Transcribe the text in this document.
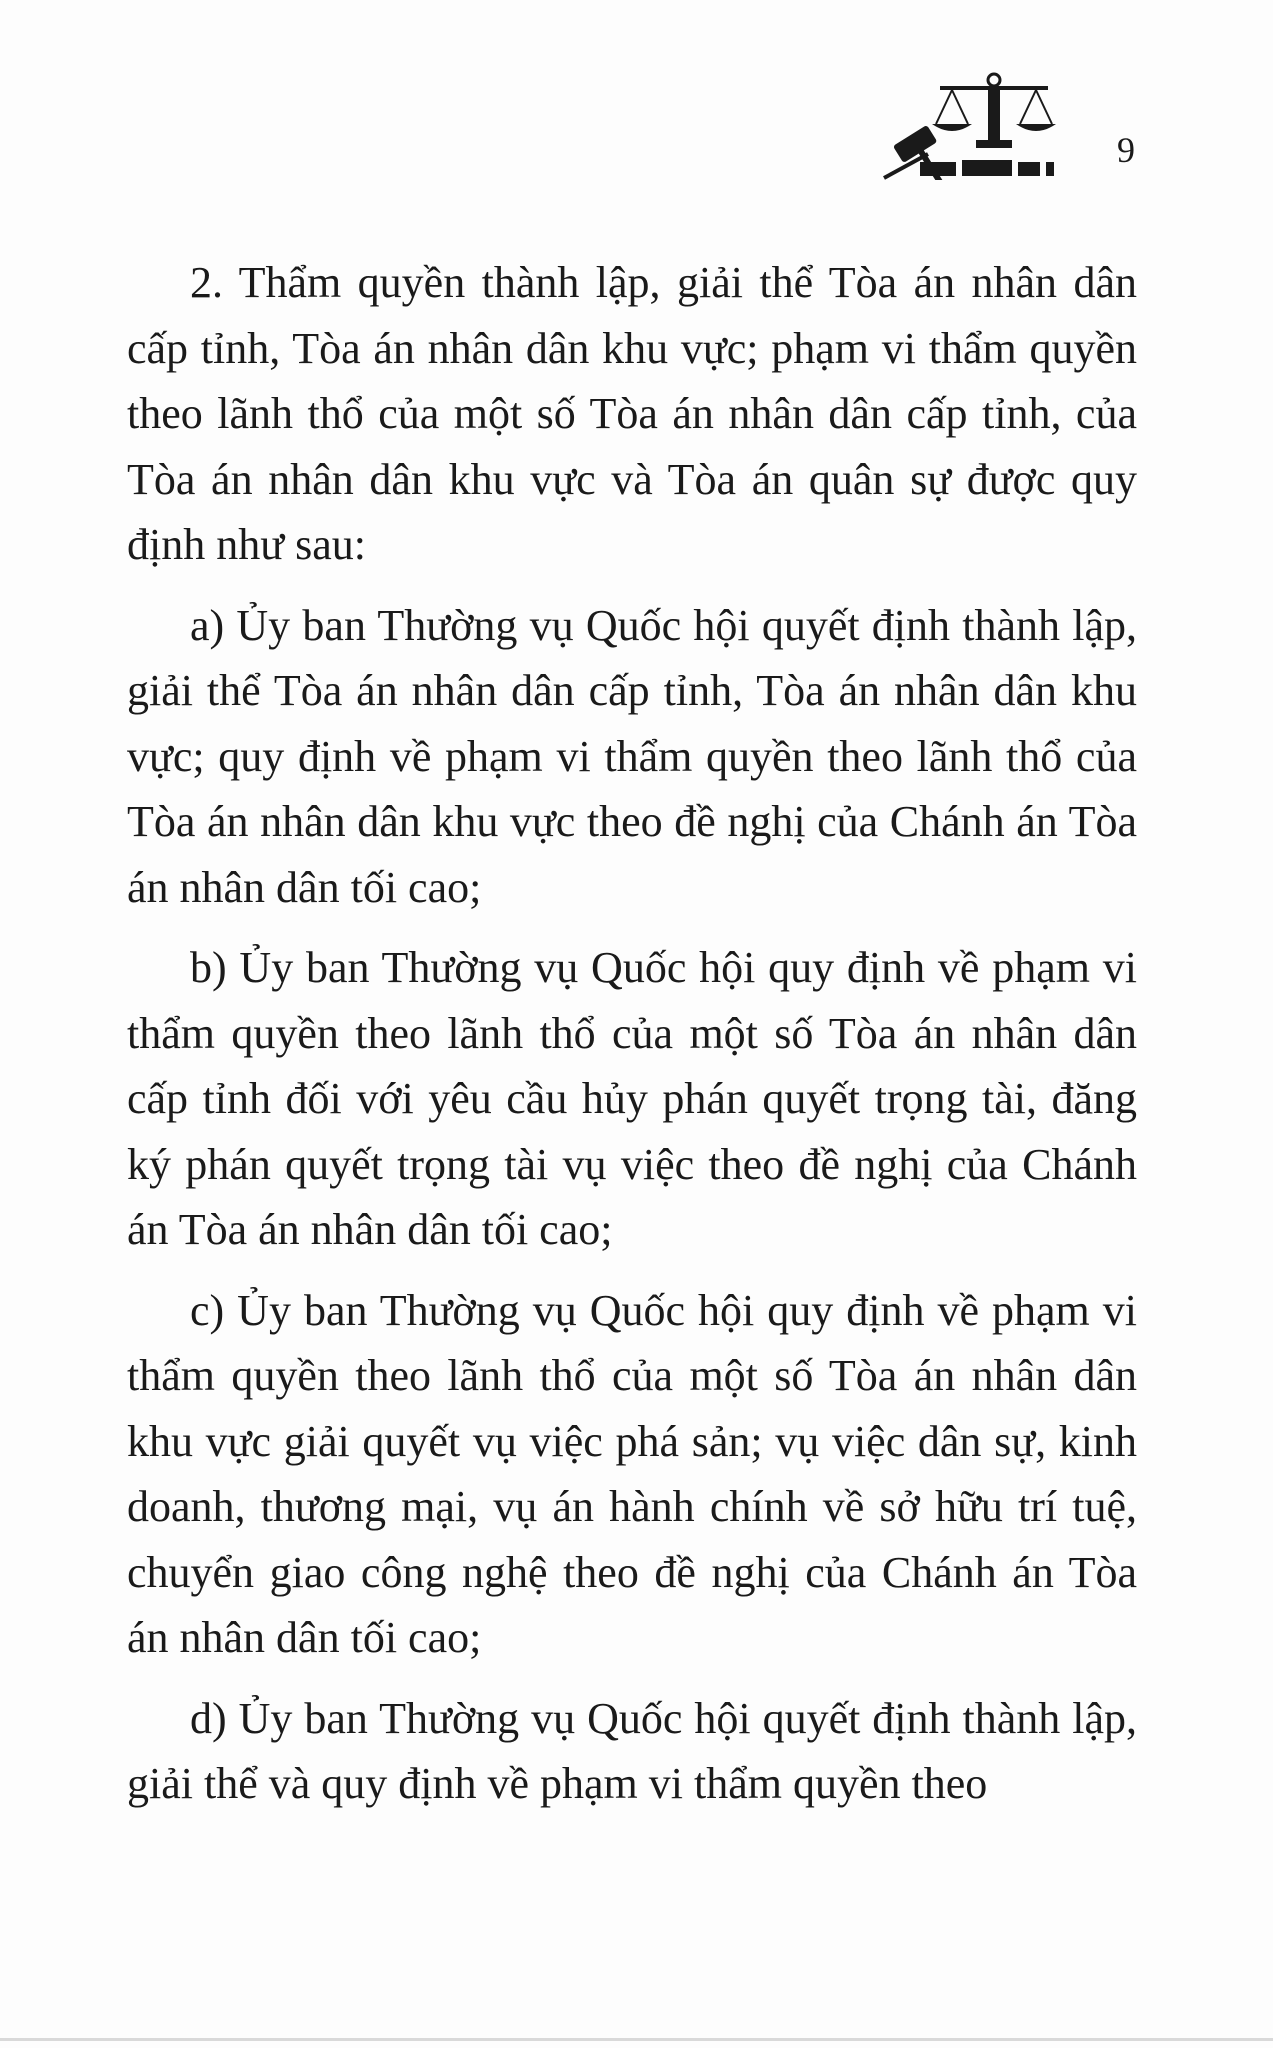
9

2. Thẩm quyền thành lập, giải thể Tòa án nhân dân cấp tỉnh, Tòa án nhân dân khu vực; phạm vi thẩm quyền theo lãnh thổ của một số Tòa án nhân dân cấp tỉnh, của Tòa án nhân dân khu vực và Tòa án quân sự được quy định như sau:

a) Ủy ban Thường vụ Quốc hội quyết định thành lập, giải thể Tòa án nhân dân cấp tỉnh, Tòa án nhân dân khu vực; quy định về phạm vi thẩm quyền theo lãnh thổ của Tòa án nhân dân khu vực theo đề nghị của Chánh án Tòa án nhân dân tối cao;

b) Ủy ban Thường vụ Quốc hội quy định về phạm vi thẩm quyền theo lãnh thổ của một số Tòa án nhân dân cấp tỉnh đối với yêu cầu hủy phán quyết trọng tài, đăng ký phán quyết trọng tài vụ việc theo đề nghị của Chánh án Tòa án nhân dân tối cao;

c) Ủy ban Thường vụ Quốc hội quy định về phạm vi thẩm quyền theo lãnh thổ của một số Tòa án nhân dân khu vực giải quyết vụ việc phá sản; vụ việc dân sự, kinh doanh, thương mại, vụ án hành chính về sở hữu trí tuệ, chuyển giao công nghệ theo đề nghị của Chánh án Tòa án nhân dân tối cao;

d) Ủy ban Thường vụ Quốc hội quyết định thành lập, giải thể và quy định về phạm vi thẩm quyền theo
